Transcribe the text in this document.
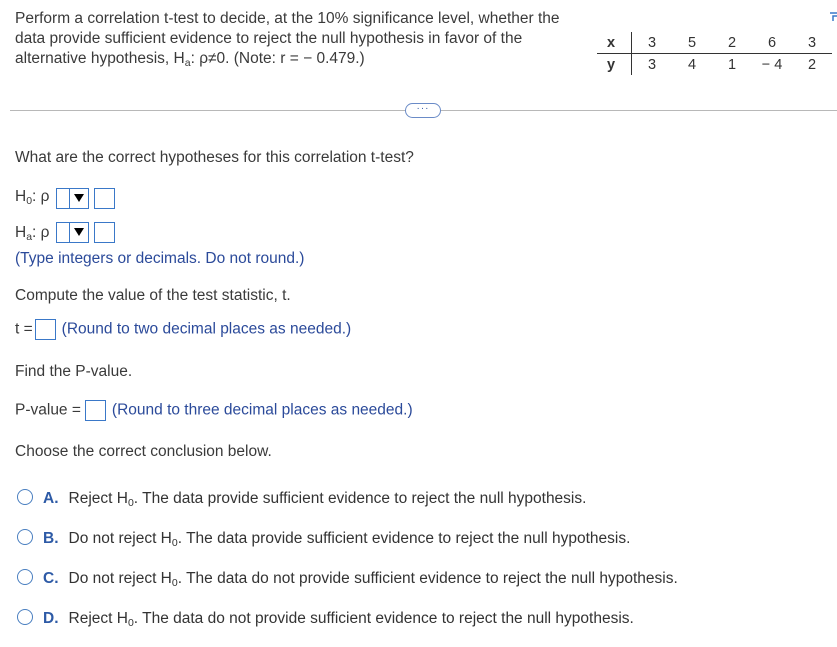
Perform a correlation t-test to decide, at the 10% significance level, whether the
data provide sufficient evidence to reject the null hypothesis in favor of the
alternative hypothesis, $H_a$: ρ≠0. (Note: r = − 0.479.)
x	3	5	2	6	3
y	3	4	1	− 4	2
···
What are the correct hypotheses for this correlation t-test?
$H_0$: ρ

$H_a$: ρ

(Type integers or decimals. Do not round.)
Compute the value of the test statistic, t.
t = (Round to two decimal places as needed.)
Find the P-value.
P-value = (Round to three decimal places as needed.)
Choose the correct conclusion below.
A. Reject $H_0$. The data provide sufficient evidence to reject the null hypothesis.
B. Do not reject $H_0$. The data provide sufficient evidence to reject the null hypothesis.
C. Do not reject $H_0$. The data do not provide sufficient evidence to reject the null hypothesis.
D. Reject $H_0$. The data do not provide sufficient evidence to reject the null hypothesis.
